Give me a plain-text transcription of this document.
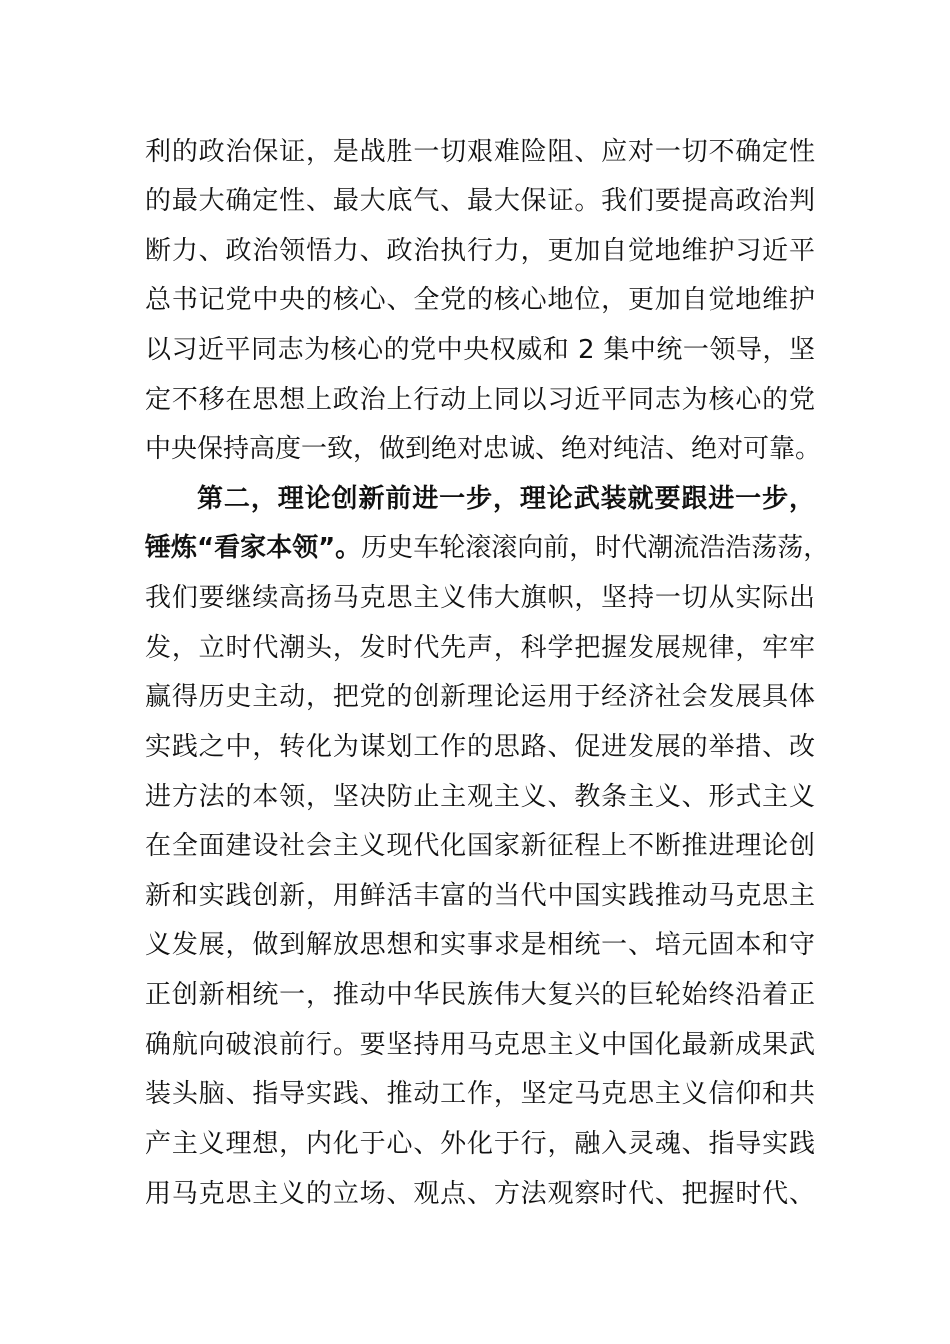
利的政治保证，是战胜一切艰难险阻、应对一切不确定性
的最大确定性、最大底气、最大保证。我们要提高政治判
断力、政治领悟力、政治执行力，更加自觉地维护习近平
总书记党中央的核心、全党的核心地位，更加自觉地维护
以习近平同志为核心的党中央权威和 2 集中统一领导，坚
定不移在思想上政治上行动上同以习近平同志为核心的党
中央保持高度一致，做到绝对忠诚、绝对纯洁、绝对可靠。
第二，理论创新前进一步，理论武装就要跟进一步，
锤炼“看家本领”。历史车轮滚滚向前，时代潮流浩浩荡荡，
我们要继续高扬马克思主义伟大旗帜，坚持一切从实际出
发，立时代潮头，发时代先声，科学把握发展规律，牢牢
赢得历史主动，把党的创新理论运用于经济社会发展具体
实践之中，转化为谋划工作的思路、促进发展的举措、改
进方法的本领，坚决防止主观主义、教条主义、形式主义
在全面建设社会主义现代化国家新征程上不断推进理论创
新和实践创新，用鲜活丰富的当代中国实践推动马克思主
义发展，做到解放思想和实事求是相统一、培元固本和守
正创新相统一，推动中华民族伟大复兴的巨轮始终沿着正
确航向破浪前行。要坚持用马克思主义中国化最新成果武
装头脑、指导实践、推动工作，坚定马克思主义信仰和共
产主义理想，内化于心、外化于行，融入灵魂、指导实践
用马克思主义的立场、观点、方法观察时代、把握时代、
